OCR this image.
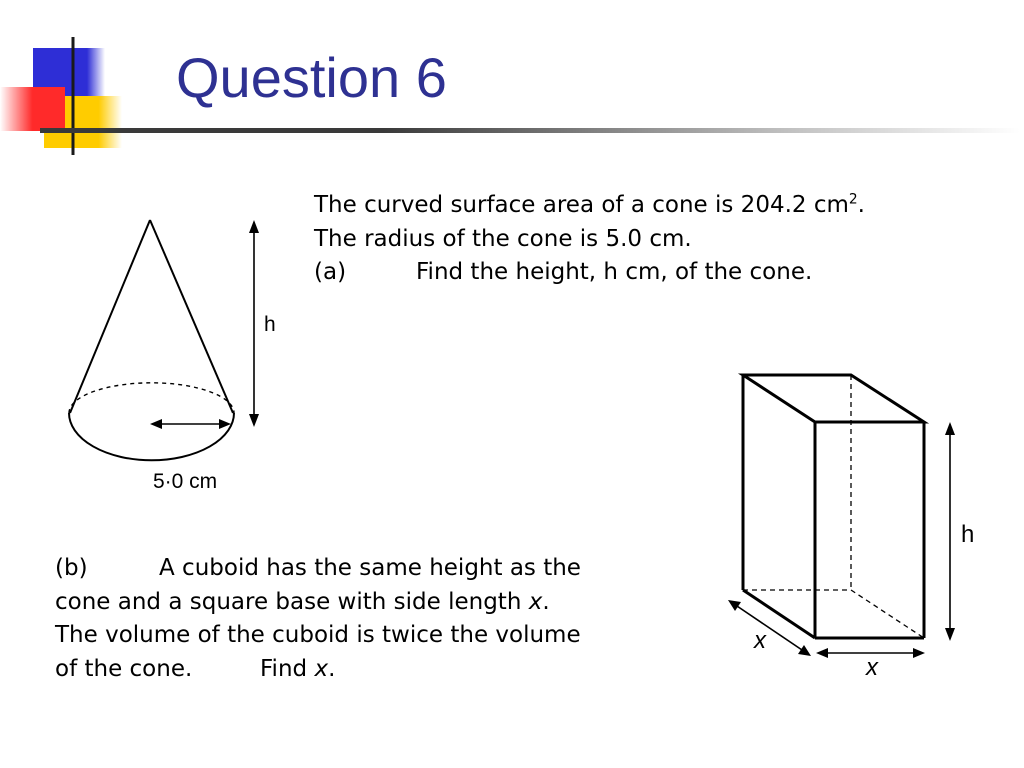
Question 6
The curved surface area of a cone is 204.2 $cm^2$.
The radius of the cone is 5.0 cm.
(a)	Find the height, h cm, of the cone.
(b)	A cuboid has the same height as the
cone and a square base with side length x.
The volume of the cuboid is twice the volume
of the cone.	Find x.
h
5·0 cm
h
x
x
